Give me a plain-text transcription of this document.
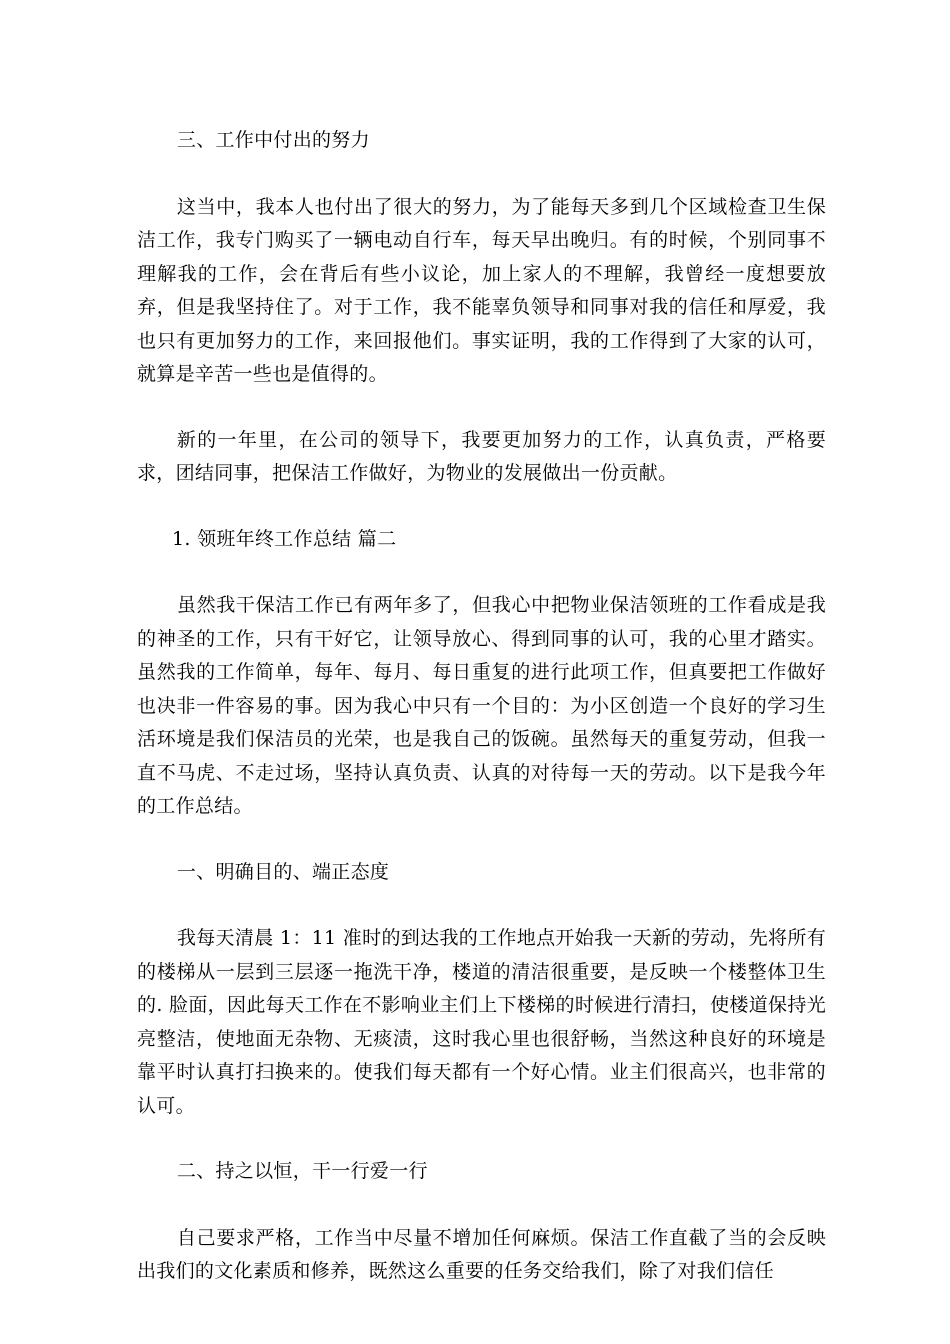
三、工作中付出的努力

这当中，我本人也付出了很大的努力，为了能每天多到几个区域检查卫生保洁工作，我专门购买了一辆电动自行车，每天早出晚归。有的时候，个别同事不理解我的工作，会在背后有些小议论，加上家人的不理解，我曾经一度想要放弃，但是我坚持住了。对于工作，我不能辜负领导和同事对我的信任和厚爱，我也只有更加努力的工作，来回报他们。事实证明，我的工作得到了大家的认可，就算是辛苦一些也是值得的。

新的一年里，在公司的领导下，我要更加努力的工作，认真负责，严格要求，团结同事，把保洁工作做好，为物业的发展做出一份贡献。

1. 领班年终工作总结 篇二

虽然我干保洁工作已有两年多了，但我心中把物业保洁领班的工作看成是我的神圣的工作，只有干好它，让领导放心、得到同事的认可，我的心里才踏实。虽然我的工作简单，每年、每月、每日重复的进行此项工作，但真要把工作做好也决非一件容易的事。因为我心中只有一个目的：为小区创造一个良好的学习生活环境是我们保洁员的光荣，也是我自己的饭碗。虽然每天的重复劳动，但我一直不马虎、不走过场，坚持认真负责、认真的对待每一天的劳动。以下是我今年的工作总结。

一、明确目的、端正态度

我每天清晨 1：11 准时的到达我的工作地点开始我一天新的劳动，先将所有的楼梯从一层到三层逐一拖洗干净，楼道的清洁很重要，是反映一个楼整体卫生的. 脸面，因此每天工作在不影响业主们上下楼梯的时候进行清扫，使楼道保持光亮整洁，使地面无杂物、无痰渍，这时我心里也很舒畅，当然这种良好的环境是靠平时认真打扫换来的。使我们每天都有一个好心情。业主们很高兴，也非常的认可。

二、持之以恒，干一行爱一行

自己要求严格，工作当中尽量不增加任何麻烦。保洁工作直截了当的会反映出我们的文化素质和修养，既然这么重要的任务交给我们，除了对我们信任
